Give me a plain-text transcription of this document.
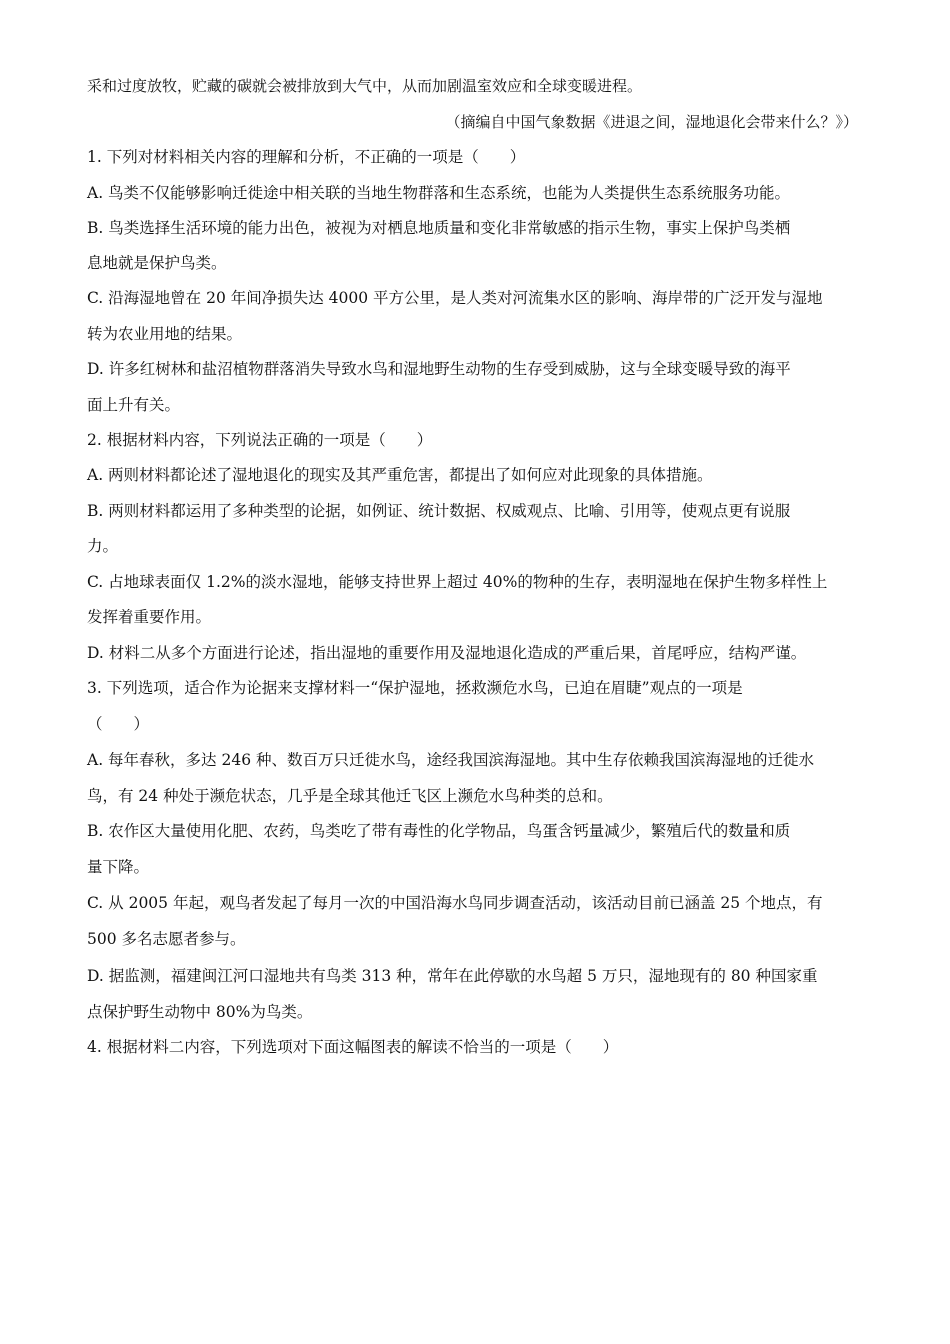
采和过度放牧，贮藏的碳就会被排放到大气中，从而加剧温室效应和全球变暖进程。
（摘编自中国气象数据《进退之间，湿地退化会带来什么？》）
1. 下列对材料相关内容的理解和分析，不正确的一项是（　　）
A. 鸟类不仅能够影响迁徙途中相关联的当地生物群落和生态系统，也能为人类提供生态系统服务功能。
B. 鸟类选择生活环境的能力出色，被视为对栖息地质量和变化非常敏感的指示生物，事实上保护鸟类栖
息地就是保护鸟类。
C. 沿海湿地曾在 20 年间净损失达 4000 平方公里，是人类对河流集水区的影响、海岸带的广泛开发与湿地
转为农业用地的结果。
D. 许多红树林和盐沼植物群落消失导致水鸟和湿地野生动物的生存受到威胁，这与全球变暖导致的海平
面上升有关。
2. 根据材料内容，下列说法正确的一项是（　　）
A. 两则材料都论述了湿地退化的现实及其严重危害，都提出了如何应对此现象的具体措施。
B. 两则材料都运用了多种类型的论据，如例证、统计数据、权威观点、比喻、引用等，使观点更有说服
力。
C. 占地球表面仅 1.2%的淡水湿地，能够支持世界上超过 40%的物种的生存，表明湿地在保护生物多样性上
发挥着重要作用。
D. 材料二从多个方面进行论述，指出湿地的重要作用及湿地退化造成的严重后果，首尾呼应，结构严谨。
3. 下列选项，适合作为论据来支撑材料一“保护湿地，拯救濒危水鸟，已迫在眉睫”观点的一项是
（　　）
A. 每年春秋，多达 246 种、数百万只迁徙水鸟，途经我国滨海湿地。其中生存依赖我国滨海湿地的迁徙水
鸟，有 24 种处于濒危状态，几乎是全球其他迁飞区上濒危水鸟种类的总和。
B. 农作区大量使用化肥、农药，鸟类吃了带有毒性的化学物品，鸟蛋含钙量减少，繁殖后代的数量和质
量下降。
C. 从 2005 年起，观鸟者发起了每月一次的中国沿海水鸟同步调查活动，该活动目前已涵盖 25 个地点，有
500 多名志愿者参与。
D. 据监测，福建闽江河口湿地共有鸟类 313 种，常年在此停歇的水鸟超 5 万只，湿地现有的 80 种国家重
点保护野生动物中 80%为鸟类。
4. 根据材料二内容，下列选项对下面这幅图表的解读不恰当的一项是（　　）
